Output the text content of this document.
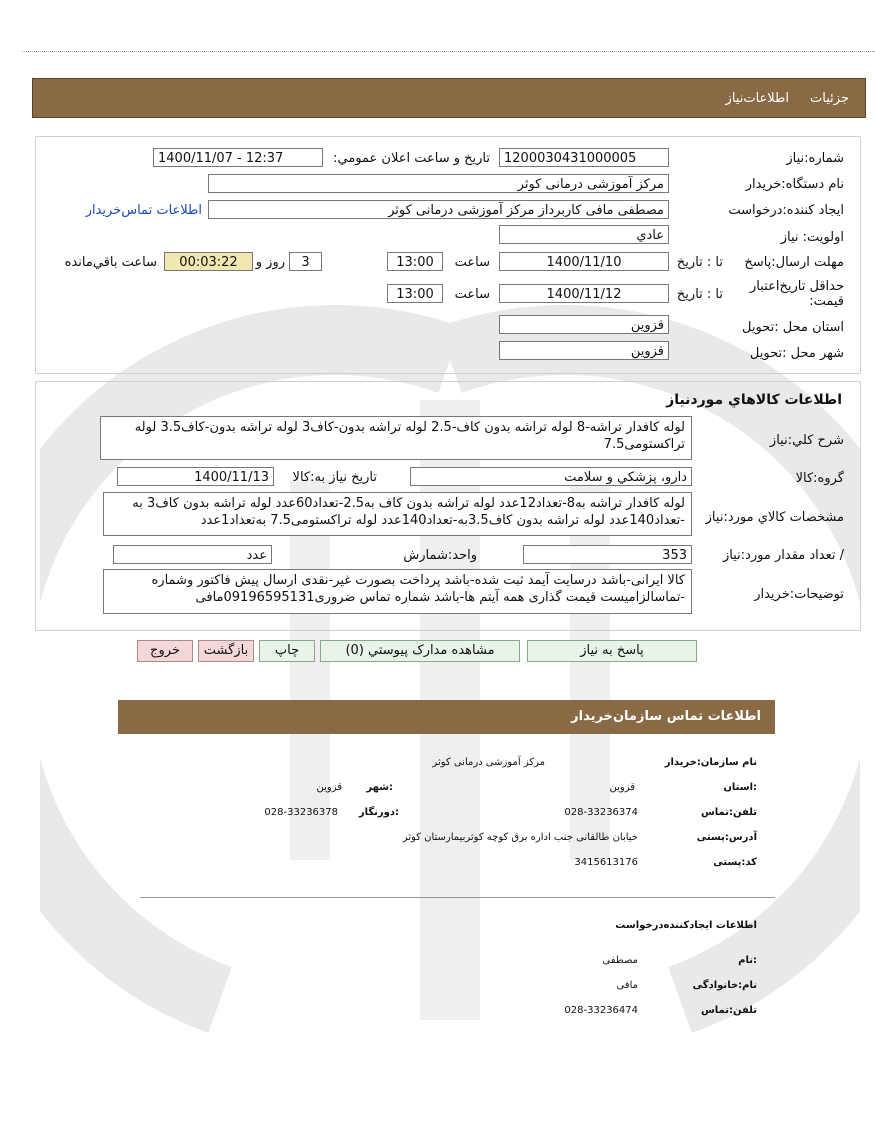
جزئيات
اطلاعات‌نیاز
شماره:نیاز
1200030431000005
تاریخ و ساعت اعلان عمومي:
1400/11/07 - 12:37
نام دستگاه:خریدار
مرکز آموزشی درمانی کوثر
ایجاد کننده:درخواست
مصطفی مافی کاربرداز مرکز آموزشی درمانی کوثر
اطلاعات تماس‌خریدار
اولویت: نیاز
عادي
مهلت ارسال:پاسخ
تا : تاریخ
1400/11/10
ساعت
13:00
3
روز و
00:03:22
ساعت باقي‌مانده
حداقل تاریخ‌اعتبار قیمت:
تا : تاریخ
1400/11/12
ساعت
13:00
استان محل :تحویل
قزوین
شهر محل :تحویل
قزوین
اطلاعات کالاهاي موردنیاز
شرح کلي:نیاز
لوله کافدار تراشه-8 لوله تراشه بدون کاف-2.5 لوله تراشه بدون-کاف3 لوله تراشه بدون-کاف3.5 لوله تراکستومی7.5
گروه:کالا
دارو، پزشکي و سلامت
تاریخ نیاز به:کالا
1400/11/13
مشخصات کالاي مورد:نیاز
لوله کافدار تراشه به8-تعداد12عدد لوله تراشه بدون کاف به2.5-تعداد60عدد لوله تراشه بدون کاف3 به -تعداد140عدد لوله تراشه بدون کاف3.5به-تعداد140عدد لوله تراکستومی7.5 به‌تعداد1عدد
/ تعداد مقدار مورد:نیاز
353
واحد:شمارش
عدد
توضیحات:خریدار
کالا ایرانی-باشد درسایت آیمد ثبت شده-باشد پرداخت بصورت غیر-نقدی ارسال پیش فاکتور وشماره -تماسالزامیست قیمت گذاری همه آیتم ها-باشد شماره تماس ضروری09196595131مافی
پاسخ به نیاز
مشاهده مدارک پیوستي (0)
چاپ
بازگشت
خروج
اطلاعات تماس سازمان‌خریدار
نام سازمان:خریدار
مرکز آموزشی درمانی کوثر
:استان
قزوین
:شهر
قزوین
تلفن:تماس
028-33236374
:دورنگار
028-33236378
آدرس:پستی
خیابان طالقانی جنب اداره برق کوچه کوثربیمارستان کوثر
کد:پستی
3415613176
اطلاعات ایجادکننده‌درخواست
:نام
مصطفی
نام:خانوادگی
مافی
تلفن:تماس
028-33236474
